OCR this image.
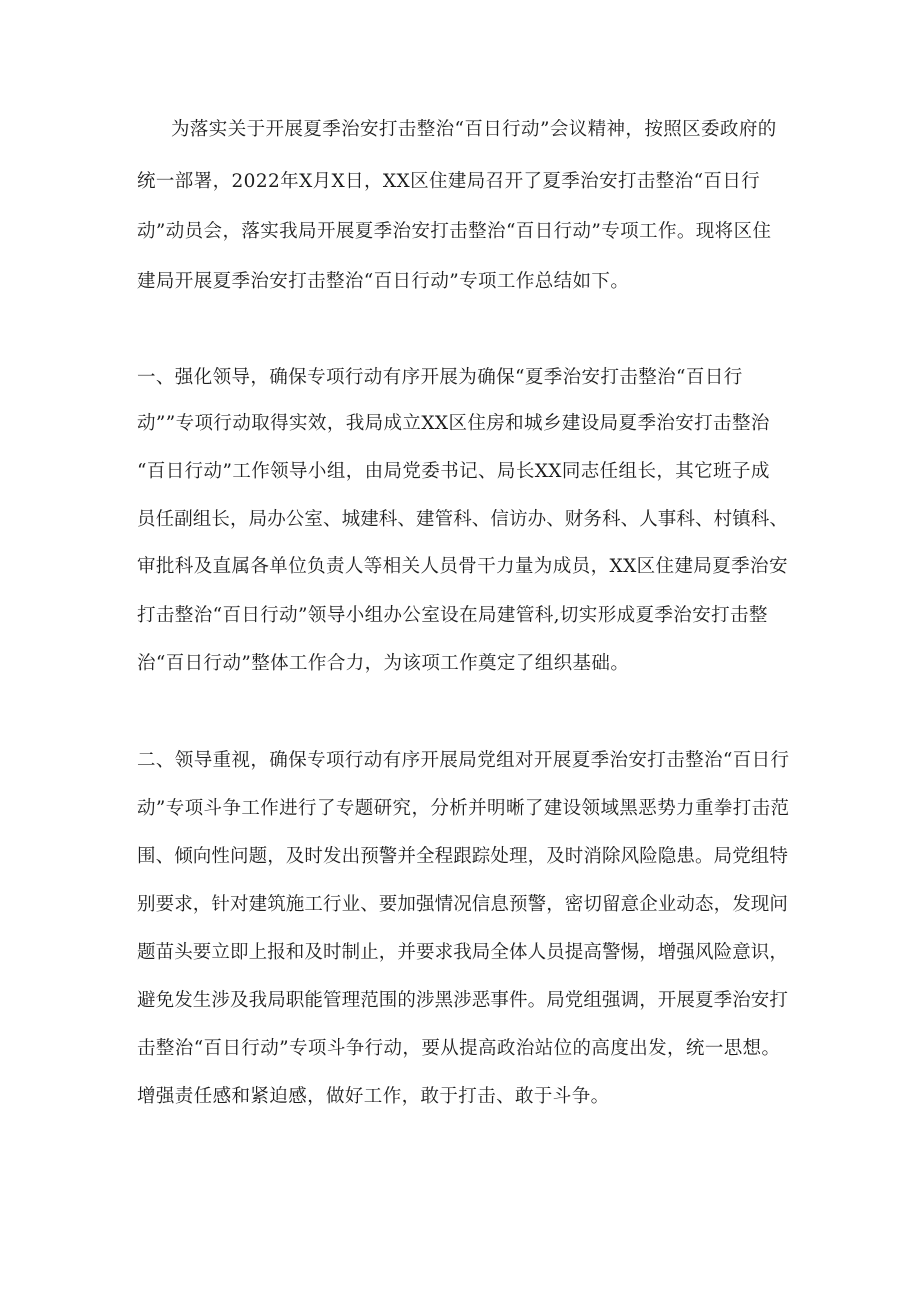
为落实关于开展夏季治安打击整治“百日行动”会议精神，按照区委政府的

统一部署，2022年X月X日，XX区住建局召开了夏季治安打击整治“百日行

动”动员会，落实我局开展夏季治安打击整治“百日行动”专项工作。现将区住

建局开展夏季治安打击整治“百日行动”专项工作总结如下。

一、强化领导，确保专项行动有序开展为确保“夏季治安打击整治“百日行

动””专项行动取得实效，我局成立XX区住房和城乡建设局夏季治安打击整治

“百日行动”工作领导小组，由局党委书记、局长XX同志任组长，其它班子成

员任副组长，局办公室、城建科、建管科、信访办、财务科、人事科、村镇科、

审批科及直属各单位负责人等相关人员骨干力量为成员，XX区住建局夏季治安

打击整治“百日行动”领导小组办公室设在局建管科,切实形成夏季治安打击整

治“百日行动”整体工作合力，为该项工作奠定了组织基础。

二、领导重视，确保专项行动有序开展局党组对开展夏季治安打击整治“百日行

动”专项斗争工作进行了专题研究，分析并明晰了建设领域黑恶势力重拳打击范

围、倾向性问题，及时发出预警并全程跟踪处理，及时消除风险隐患。局党组特

别要求，针对建筑施工行业、要加强情况信息预警，密切留意企业动态，发现问

题苗头要立即上报和及时制止，并要求我局全体人员提高警惕，增强风险意识，

避免发生涉及我局职能管理范围的涉黑涉恶事件。局党组强调，开展夏季治安打

击整治“百日行动”专项斗争行动，要从提高政治站位的高度出发，统一思想。

增强责任感和紧迫感，做好工作，敢于打击、敢于斗争。
